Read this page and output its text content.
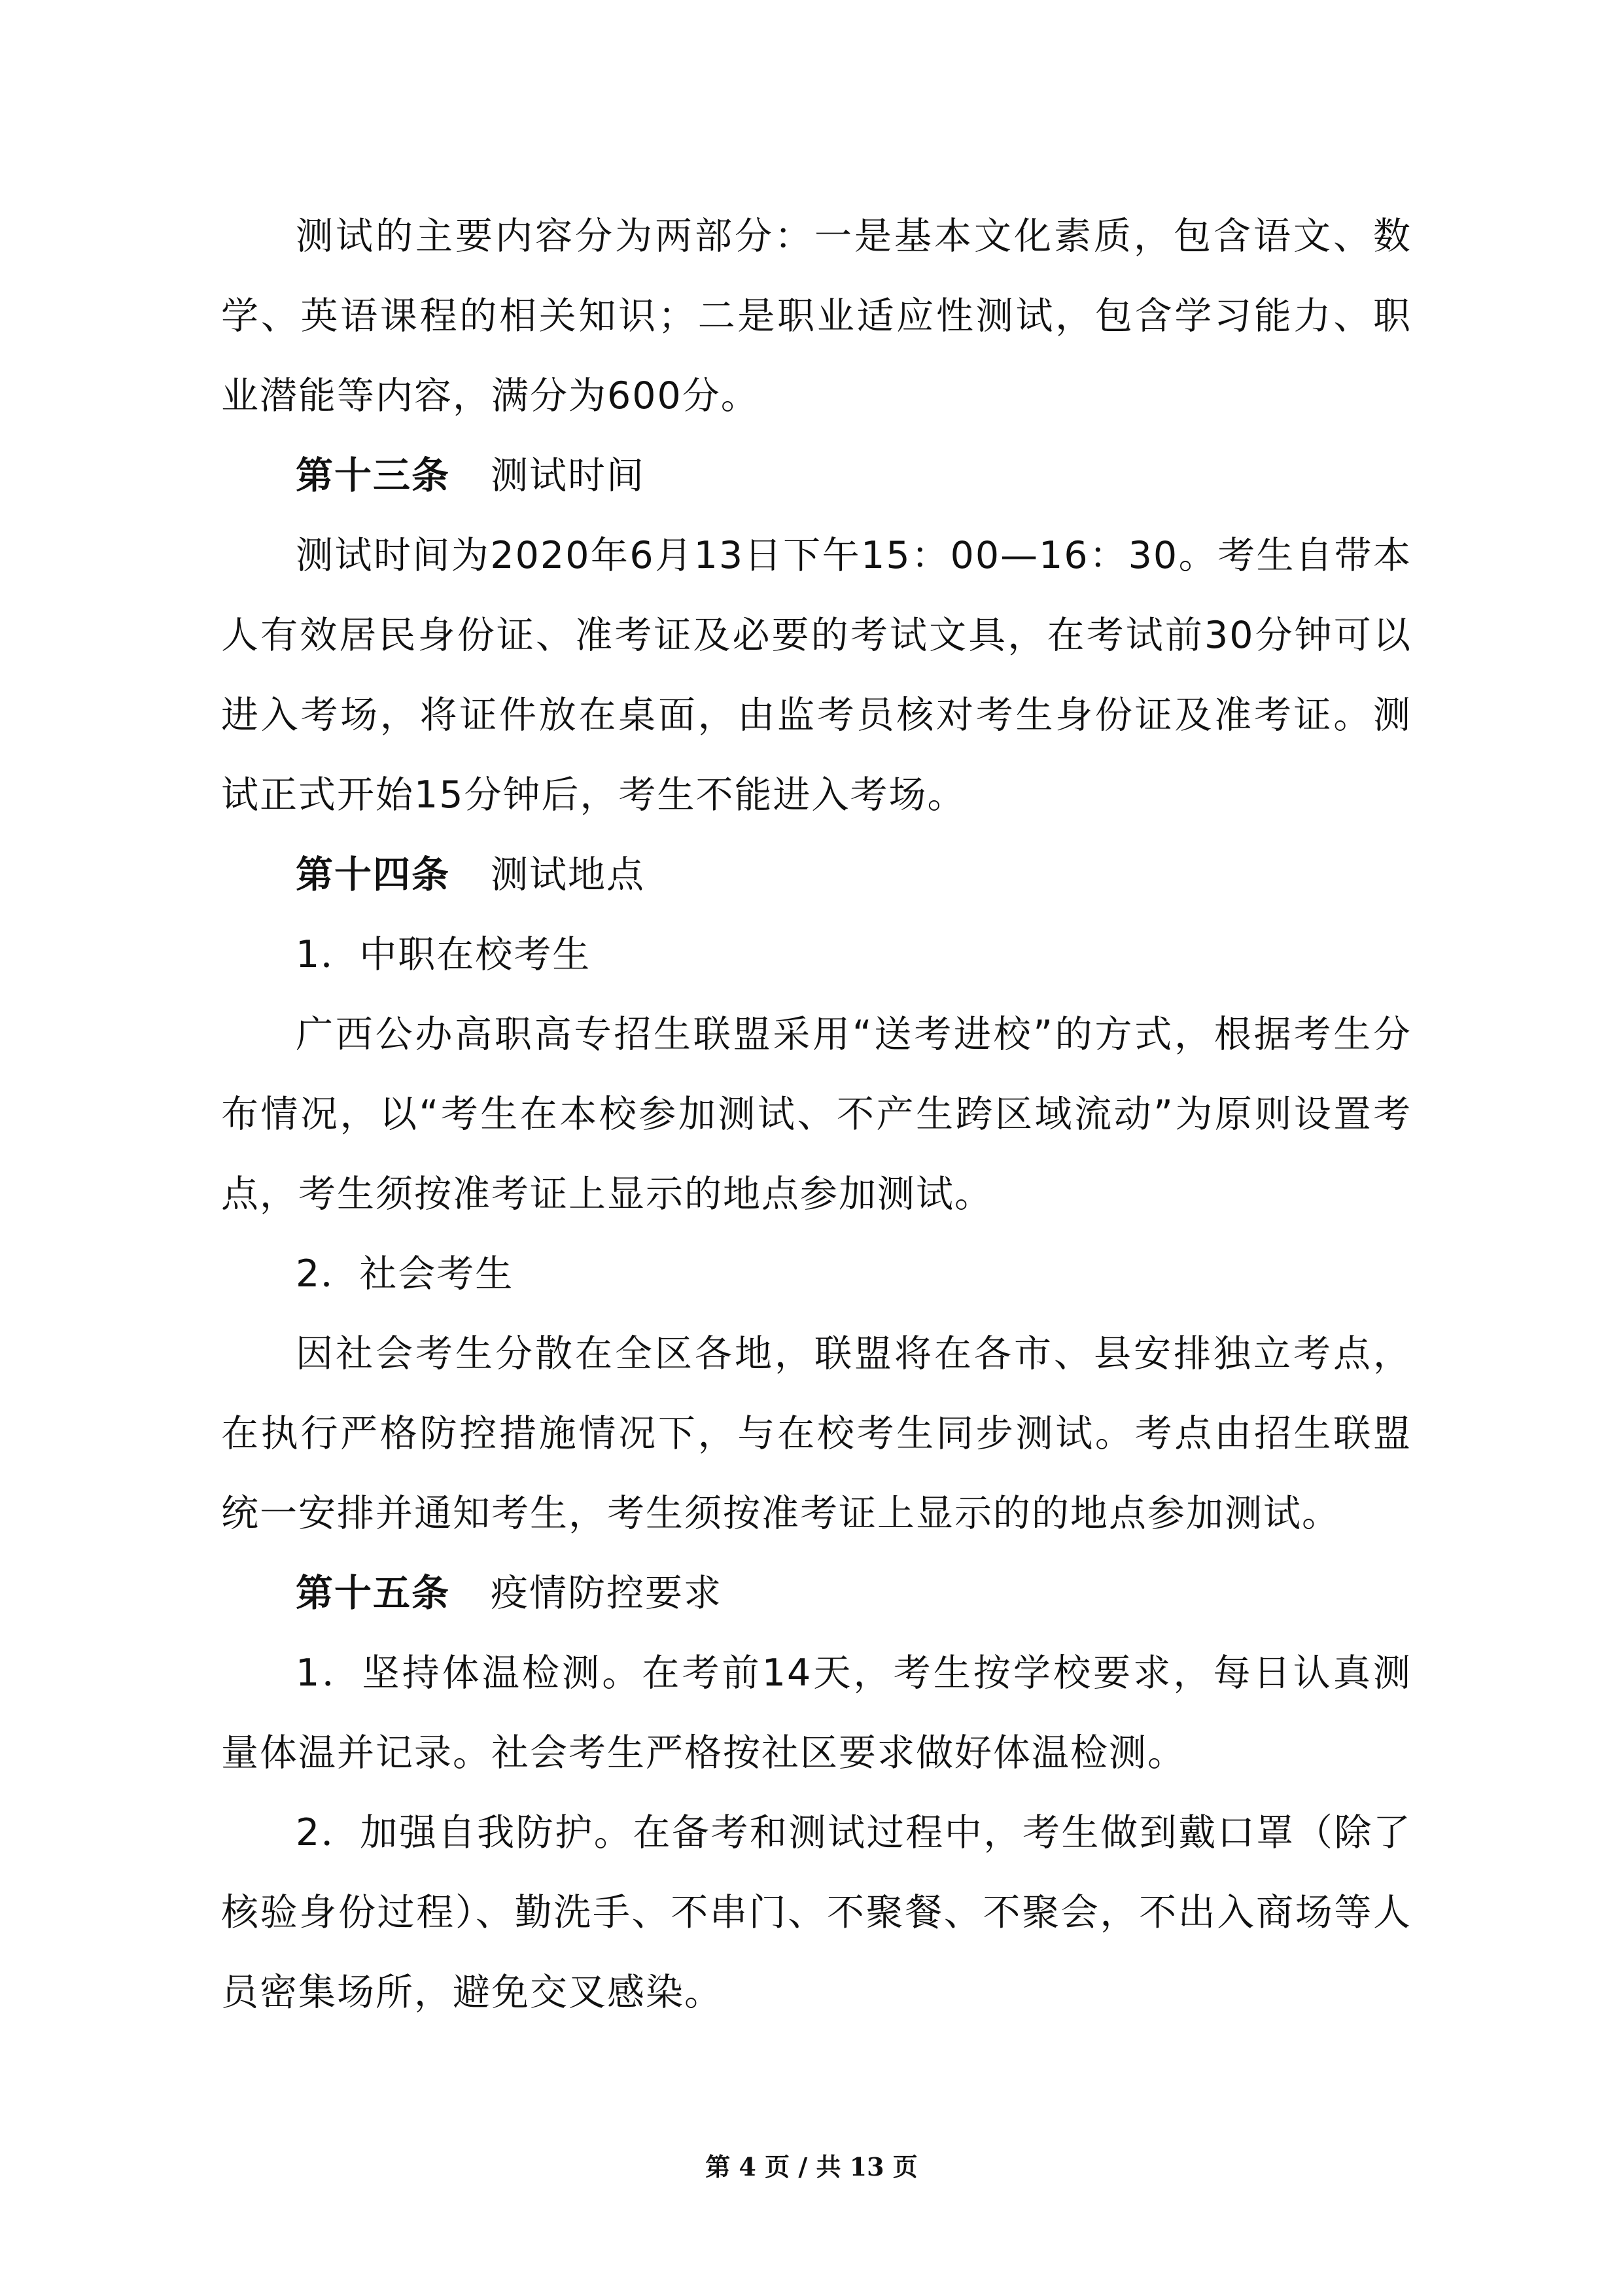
测试的主要内容分为两部分：一是基本文化素质，包含语文、数学、英语课程的相关知识；二是职业适应性测试，包含学习能力、职业潜能等内容，满分为600分。

第十三条 测试时间

测试时间为2020年6月13日下午15：00—16：30。考生自带本人有效居民身份证、准考证及必要的考试文具，在考试前30分钟可以进入考场，将证件放在桌面，由监考员核对考生身份证及准考证。测试正式开始15分钟后，考生不能进入考场。

第十四条 测试地点

1．中职在校考生

广西公办高职高专招生联盟采用“送考进校”的方式，根据考生分布情况，以“考生在本校参加测试、不产生跨区域流动”为原则设置考点，考生须按准考证上显示的地点参加测试。

2．社会考生

因社会考生分散在全区各地，联盟将在各市、县安排独立考点，在执行严格防控措施情况下，与在校考生同步测试。考点由招生联盟统一安排并通知考生，考生须按准考证上显示的的地点参加测试。

第十五条 疫情防控要求

1．坚持体温检测。在考前14天，考生按学校要求，每日认真测量体温并记录。社会考生严格按社区要求做好体温检测。

2．加强自我防护。在备考和测试过程中，考生做到戴口罩（除了核验身份过程）、勤洗手、不串门、不聚餐、不聚会，不出入商场等人员密集场所，避免交叉感染。

第 4 页 / 共 13 页
